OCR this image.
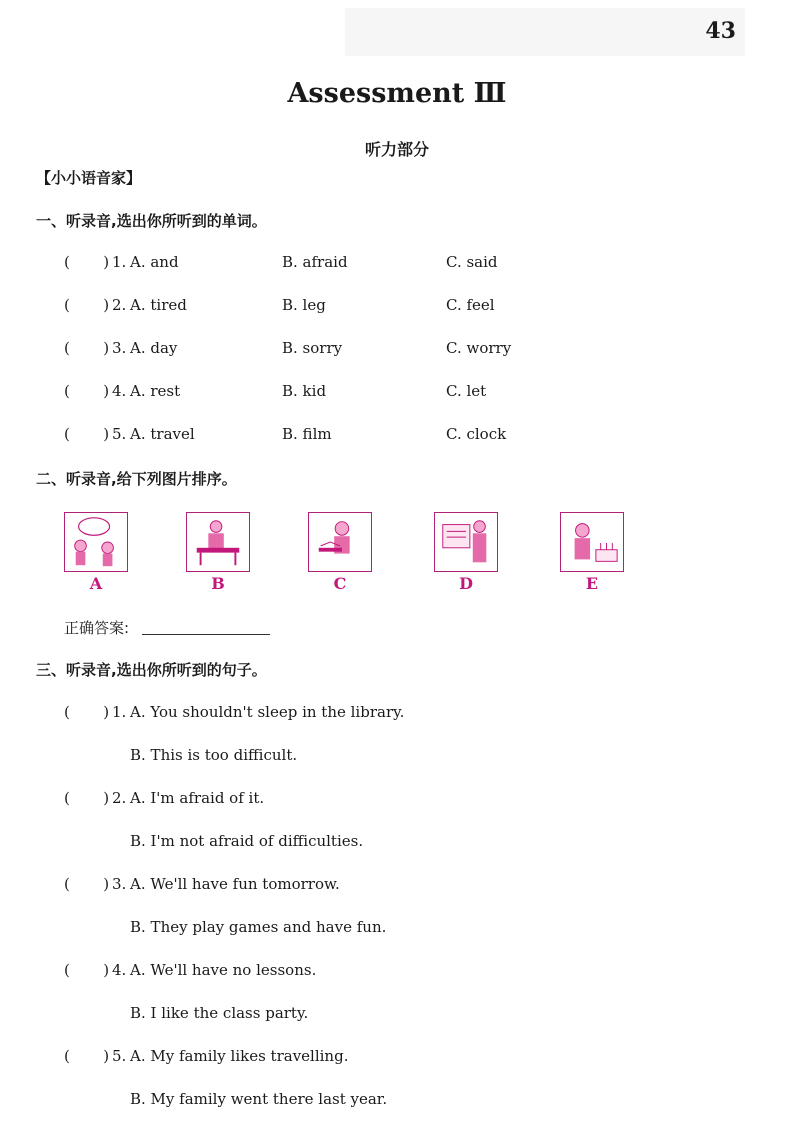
43
Assessment Ⅲ
听力部分
【小小语音家】
一、听录音,选出你所听到的单词。
(       ) 1. A. and	B. afraid	C. said
(       ) 2. A. tired	B. leg	C. feel
(       ) 3. A. day	B. sorry	C. worry
(       ) 4. A. rest	B. kid	C. let
(       ) 5. A. travel	B. film	C. clock
二、听录音,给下列图片排序。
A	B	C	D	E
正确答案:
三、听录音,选出你所听到的句子。
(       ) 1. A. You shouldn't sleep in the library.
B. This is too difficult.
(       ) 2. A. I'm afraid of it.
B. I'm not afraid of difficulties.
(       ) 3. A. We'll have fun tomorrow.
B. They play games and have fun.
(       ) 4. A. We'll have no lessons.
B. I like the class party.
(       ) 5. A. My family likes travelling.
B. My family went there last year.
